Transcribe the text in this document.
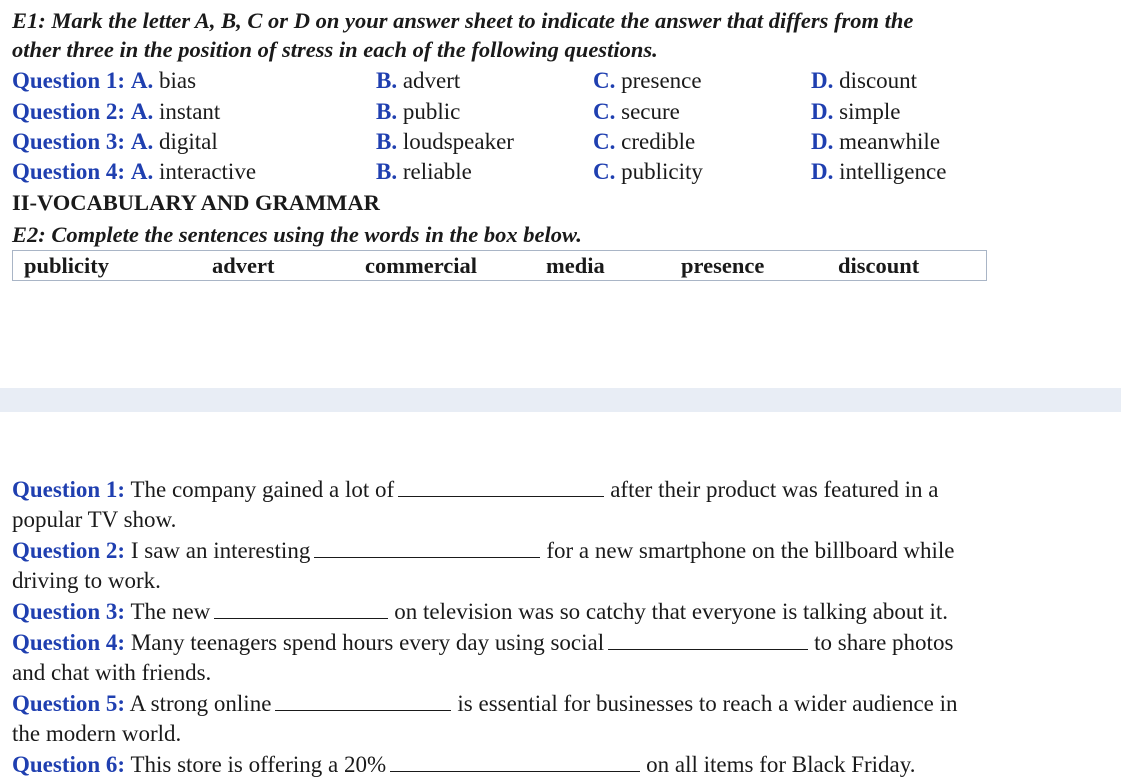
E1: Mark the letter A, B, C or D on your answer sheet to indicate the answer that differs from the
other three in the position of stress in each of the following questions.
Question 1: A. bias	B. advert	C. presence	D. discount
Question 2: A. instant	B. public	C. secure	D. simple
Question 3: A. digital	B. loudspeaker	C. credible	D. meanwhile
Question 4: A. interactive	B. reliable	C. publicity	D. intelligence
II-VOCABULARY AND GRAMMAR
E2: Complete the sentences using the words in the box below.
publicity	advert	commercial	media	presence	discount
Question 1: The company gained a lot of	after their product was featured in a
popular TV show.
Question 2: I saw an interesting	for a new smartphone on the billboard while
driving to work.
Question 3: The new	on television was so catchy that everyone is talking about it.
Question 4: Many teenagers spend hours every day using social	to share photos
and chat with friends.
Question 5: A strong online	is essential for businesses to reach a wider audience in
the modern world.
Question 6: This store is offering a 20%	on all items for Black Friday.
